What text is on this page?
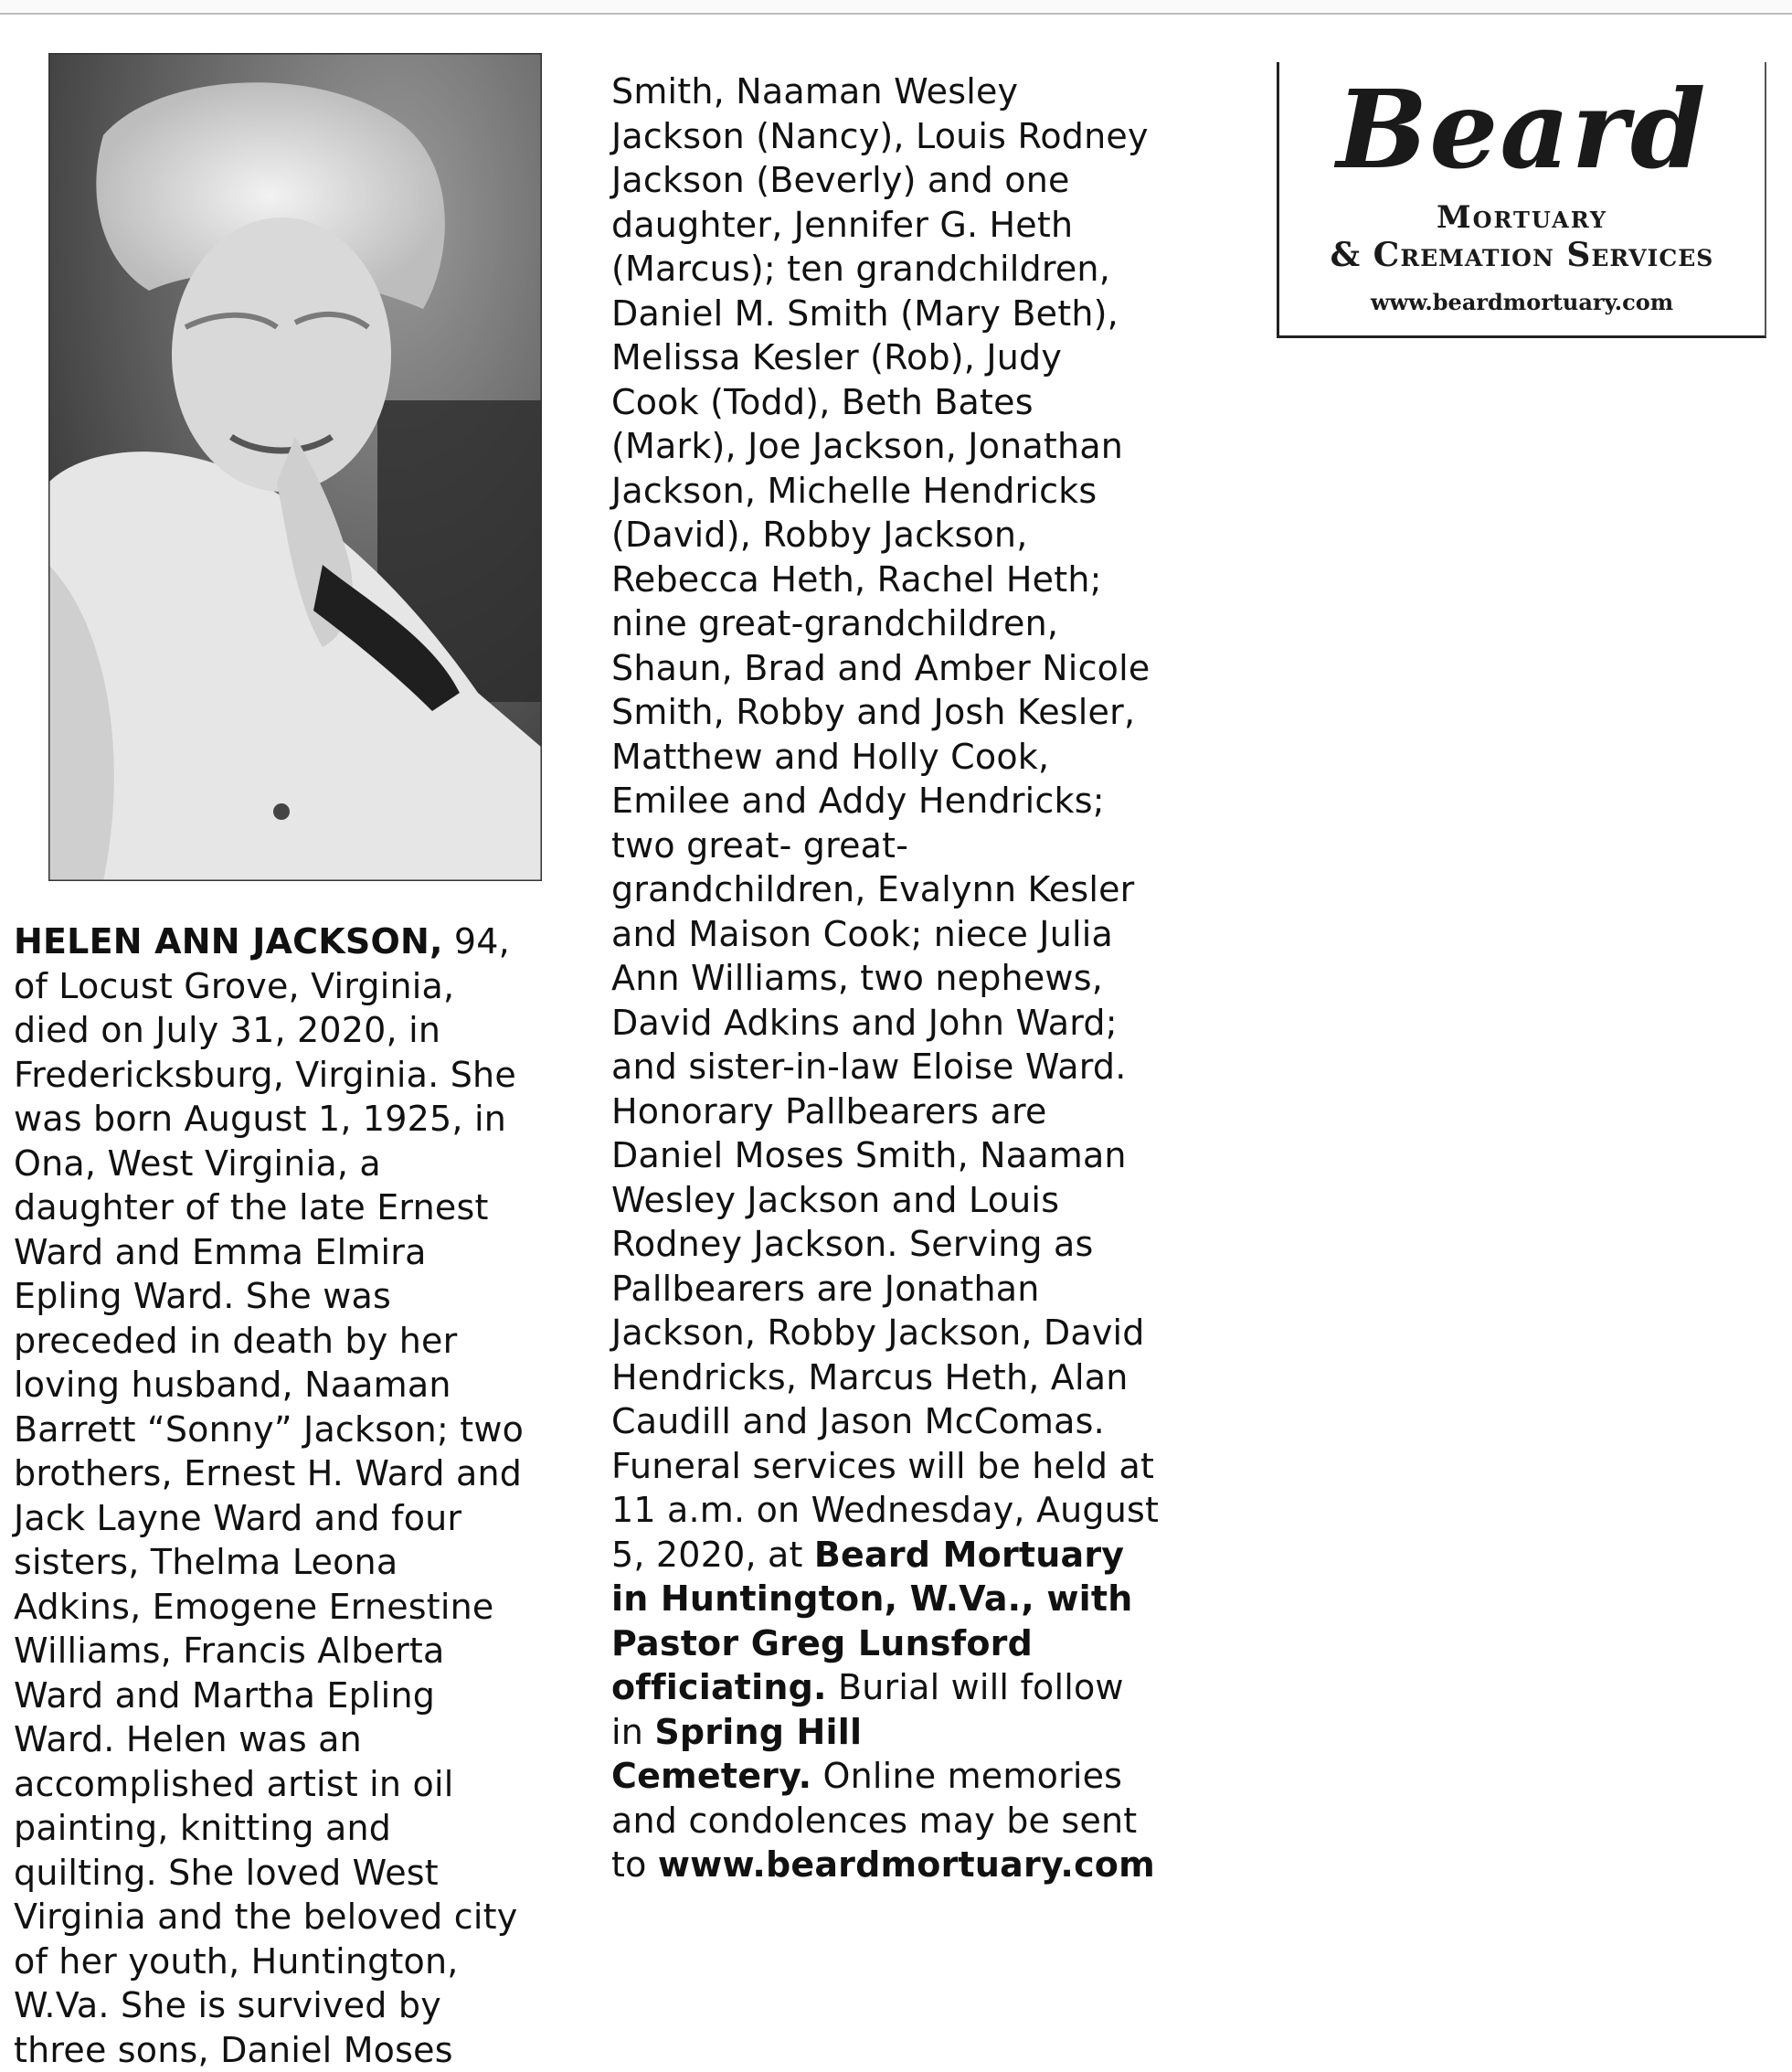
HELEN ANN JACKSON, 94,
of Locust Grove, Virginia,
died on July 31, 2020, in
Fredericksburg, Virginia. She
was born August 1, 1925, in
Ona, West Virginia, a
daughter of the late Ernest
Ward and Emma Elmira
Epling Ward. She was
preceded in death by her
loving husband, Naaman
Barrett “Sonny” Jackson; two
brothers, Ernest H. Ward and
Jack Layne Ward and four
sisters, Thelma Leona
Adkins, Emogene Ernestine
Williams, Francis Alberta
Ward and Martha Epling
Ward. Helen was an
accomplished artist in oil
painting, knitting and
quilting. She loved West
Virginia and the beloved city
of her youth, Huntington,
W.Va. She is survived by
three sons, Daniel Moses
Smith, Naaman Wesley
Jackson (Nancy), Louis Rodney
Jackson (Beverly) and one
daughter, Jennifer G. Heth
(Marcus); ten grandchildren,
Daniel M. Smith (Mary Beth),
Melissa Kesler (Rob), Judy
Cook (Todd), Beth Bates
(Mark), Joe Jackson, Jonathan
Jackson, Michelle Hendricks
(David), Robby Jackson,
Rebecca Heth, Rachel Heth;
nine great-grandchildren,
Shaun, Brad and Amber Nicole
Smith, Robby and Josh Kesler,
Matthew and Holly Cook,
Emilee and Addy Hendricks;
two great- great-
grandchildren, Evalynn Kesler
and Maison Cook; niece Julia
Ann Williams, two nephews,
David Adkins and John Ward;
and sister-in-law Eloise Ward.
Honorary Pallbearers are
Daniel Moses Smith, Naaman
Wesley Jackson and Louis
Rodney Jackson. Serving as
Pallbearers are Jonathan
Jackson, Robby Jackson, David
Hendricks, Marcus Heth, Alan
Caudill and Jason McComas.
Funeral services will be held at
11 a.m. on Wednesday, August
5, 2020, at Beard Mortuary
in Huntington, W.Va., with
Pastor Greg Lunsford
officiating. Burial will follow
in Spring Hill
Cemetery. Online memories
and condolences may be sent
to www.beardmortuary.com
Beard
Mortuary
& Cremation Services
www.beardmortuary.com
